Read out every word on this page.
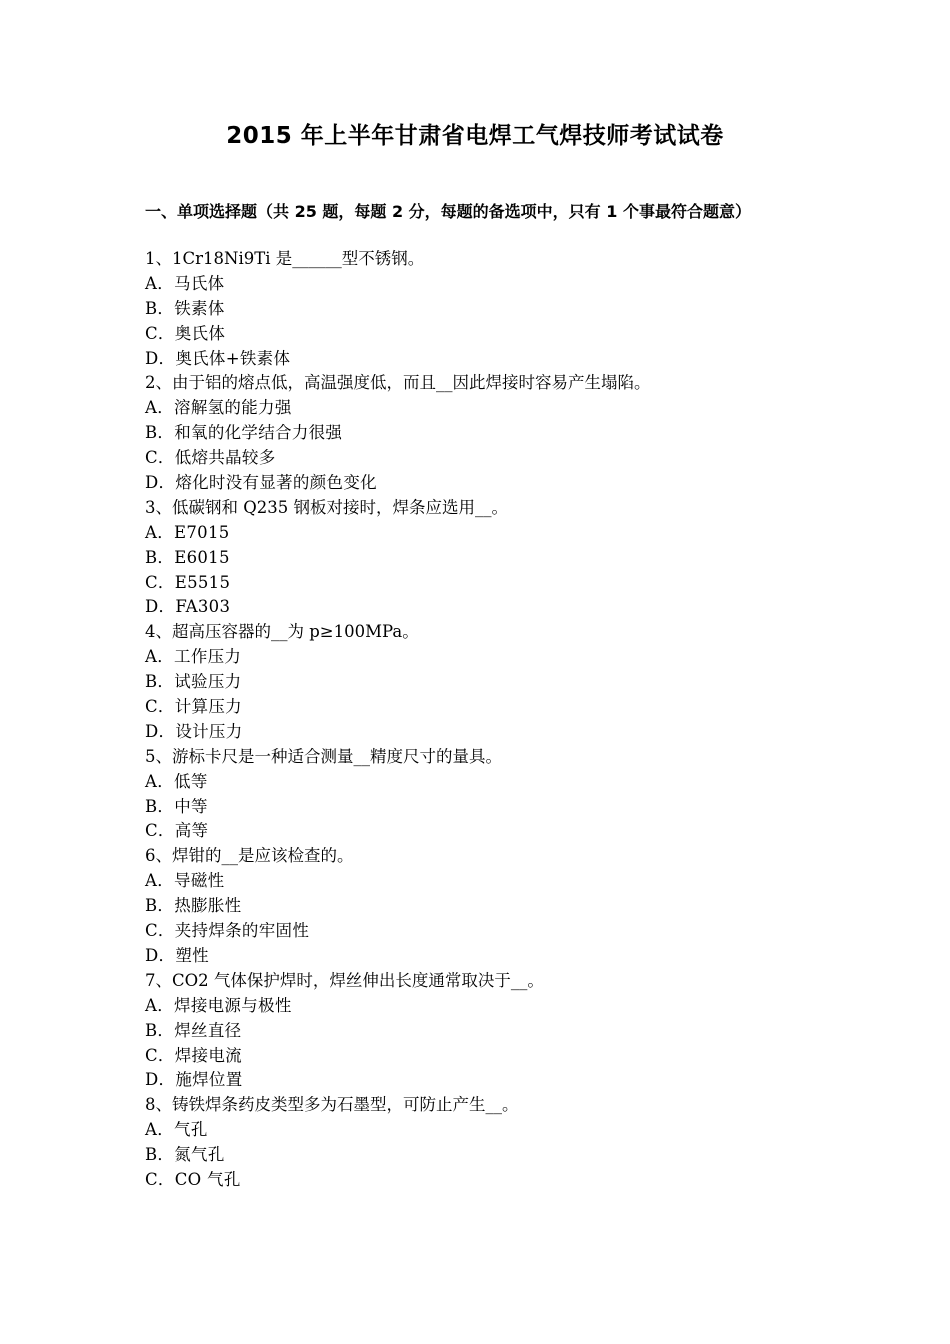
2015 年上半年甘肃省电焊工气焊技师考试试卷
一、单项选择题（共 25 题，每题 2 分，每题的备选项中，只有 1 个事最符合题意）
1、1Cr18Ni9Ti 是______型不锈钢。
A．马氏体
B．铁素体
C．奥氏体
D．奥氏体+铁素体
2、由于铝的熔点低，高温强度低，而且__因此焊接时容易产生塌陷。
A．溶解氢的能力强
B．和氧的化学结合力很强
C．低熔共晶较多
D．熔化时没有显著的颜色变化
3、低碳钢和 Q235 钢板对接时，焊条应选用__。
A．E7015
B．E6015
C．E5515
D．FA303
4、超高压容器的__为 p≥100MPa。
A．工作压力
B．试验压力
C．计算压力
D．设计压力
5、游标卡尺是一种适合测量__精度尺寸的量具。
A．低等
B．中等
C．高等
6、焊钳的__是应该检查的。
A．导磁性
B．热膨胀性
C．夹持焊条的牢固性
D．塑性
7、CO2 气体保护焊时，焊丝伸出长度通常取决于__。
A．焊接电源与极性
B．焊丝直径
C．焊接电流
D．施焊位置
8、铸铁焊条药皮类型多为石墨型，可防止产生__。
A．气孔
B．氮气孔
C．CO 气孔
